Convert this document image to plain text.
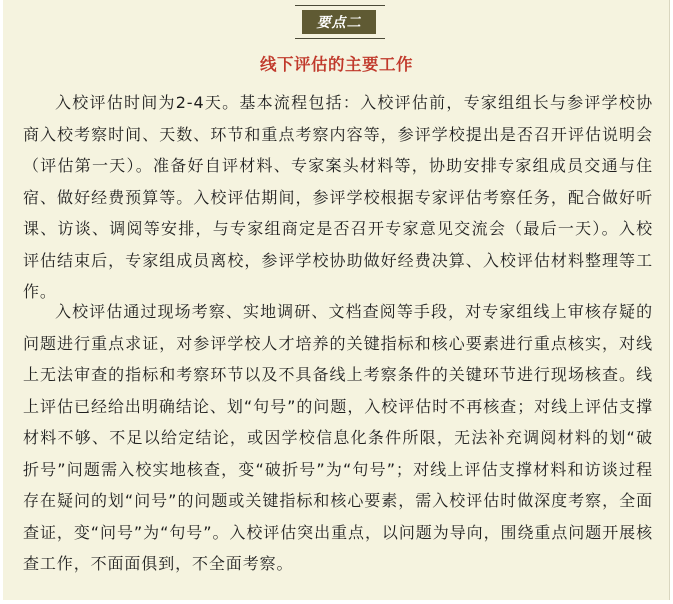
要点二
线下评估的主要工作

入校评估时间为2-4天。基本流程包括：入校评估前，专家组组长与参评学校协商入校考察时间、天数、环节和重点考察内容等，参评学校提出是否召开评估说明会（评估第一天）。准备好自评材料、专家案头材料等，协助安排专家组成员交通与住宿、做好经费预算等。入校评估期间，参评学校根据专家评估考察任务，配合做好听课、访谈、调阅等安排，与专家组商定是否召开专家意见交流会（最后一天）。入校评估结束后，专家组成员离校，参评学校协助做好经费决算、入校评估材料整理等工作。

入校评估通过现场考察、实地调研、文档查阅等手段，对专家组线上审核存疑的问题进行重点求证，对参评学校人才培养的关键指标和核心要素进行重点核实，对线上无法审查的指标和考察环节以及不具备线上考察条件的关键环节进行现场核查。线上评估已经给出明确结论、划“句号”的问题，入校评估时不再核查；对线上评估支撑材料不够、不足以给定结论，或因学校信息化条件所限，无法补充调阅材料的划“破折号”问题需入校实地核查，变“破折号”为“句号”；对线上评估支撑材料和访谈过程存在疑问的划“问号”的问题或关键指标和核心要素，需入校评估时做深度考察，全面查证，变“问号”为“句号”。入校评估突出重点，以问题为导向，围绕重点问题开展核查工作，不面面俱到，不全面考察。
